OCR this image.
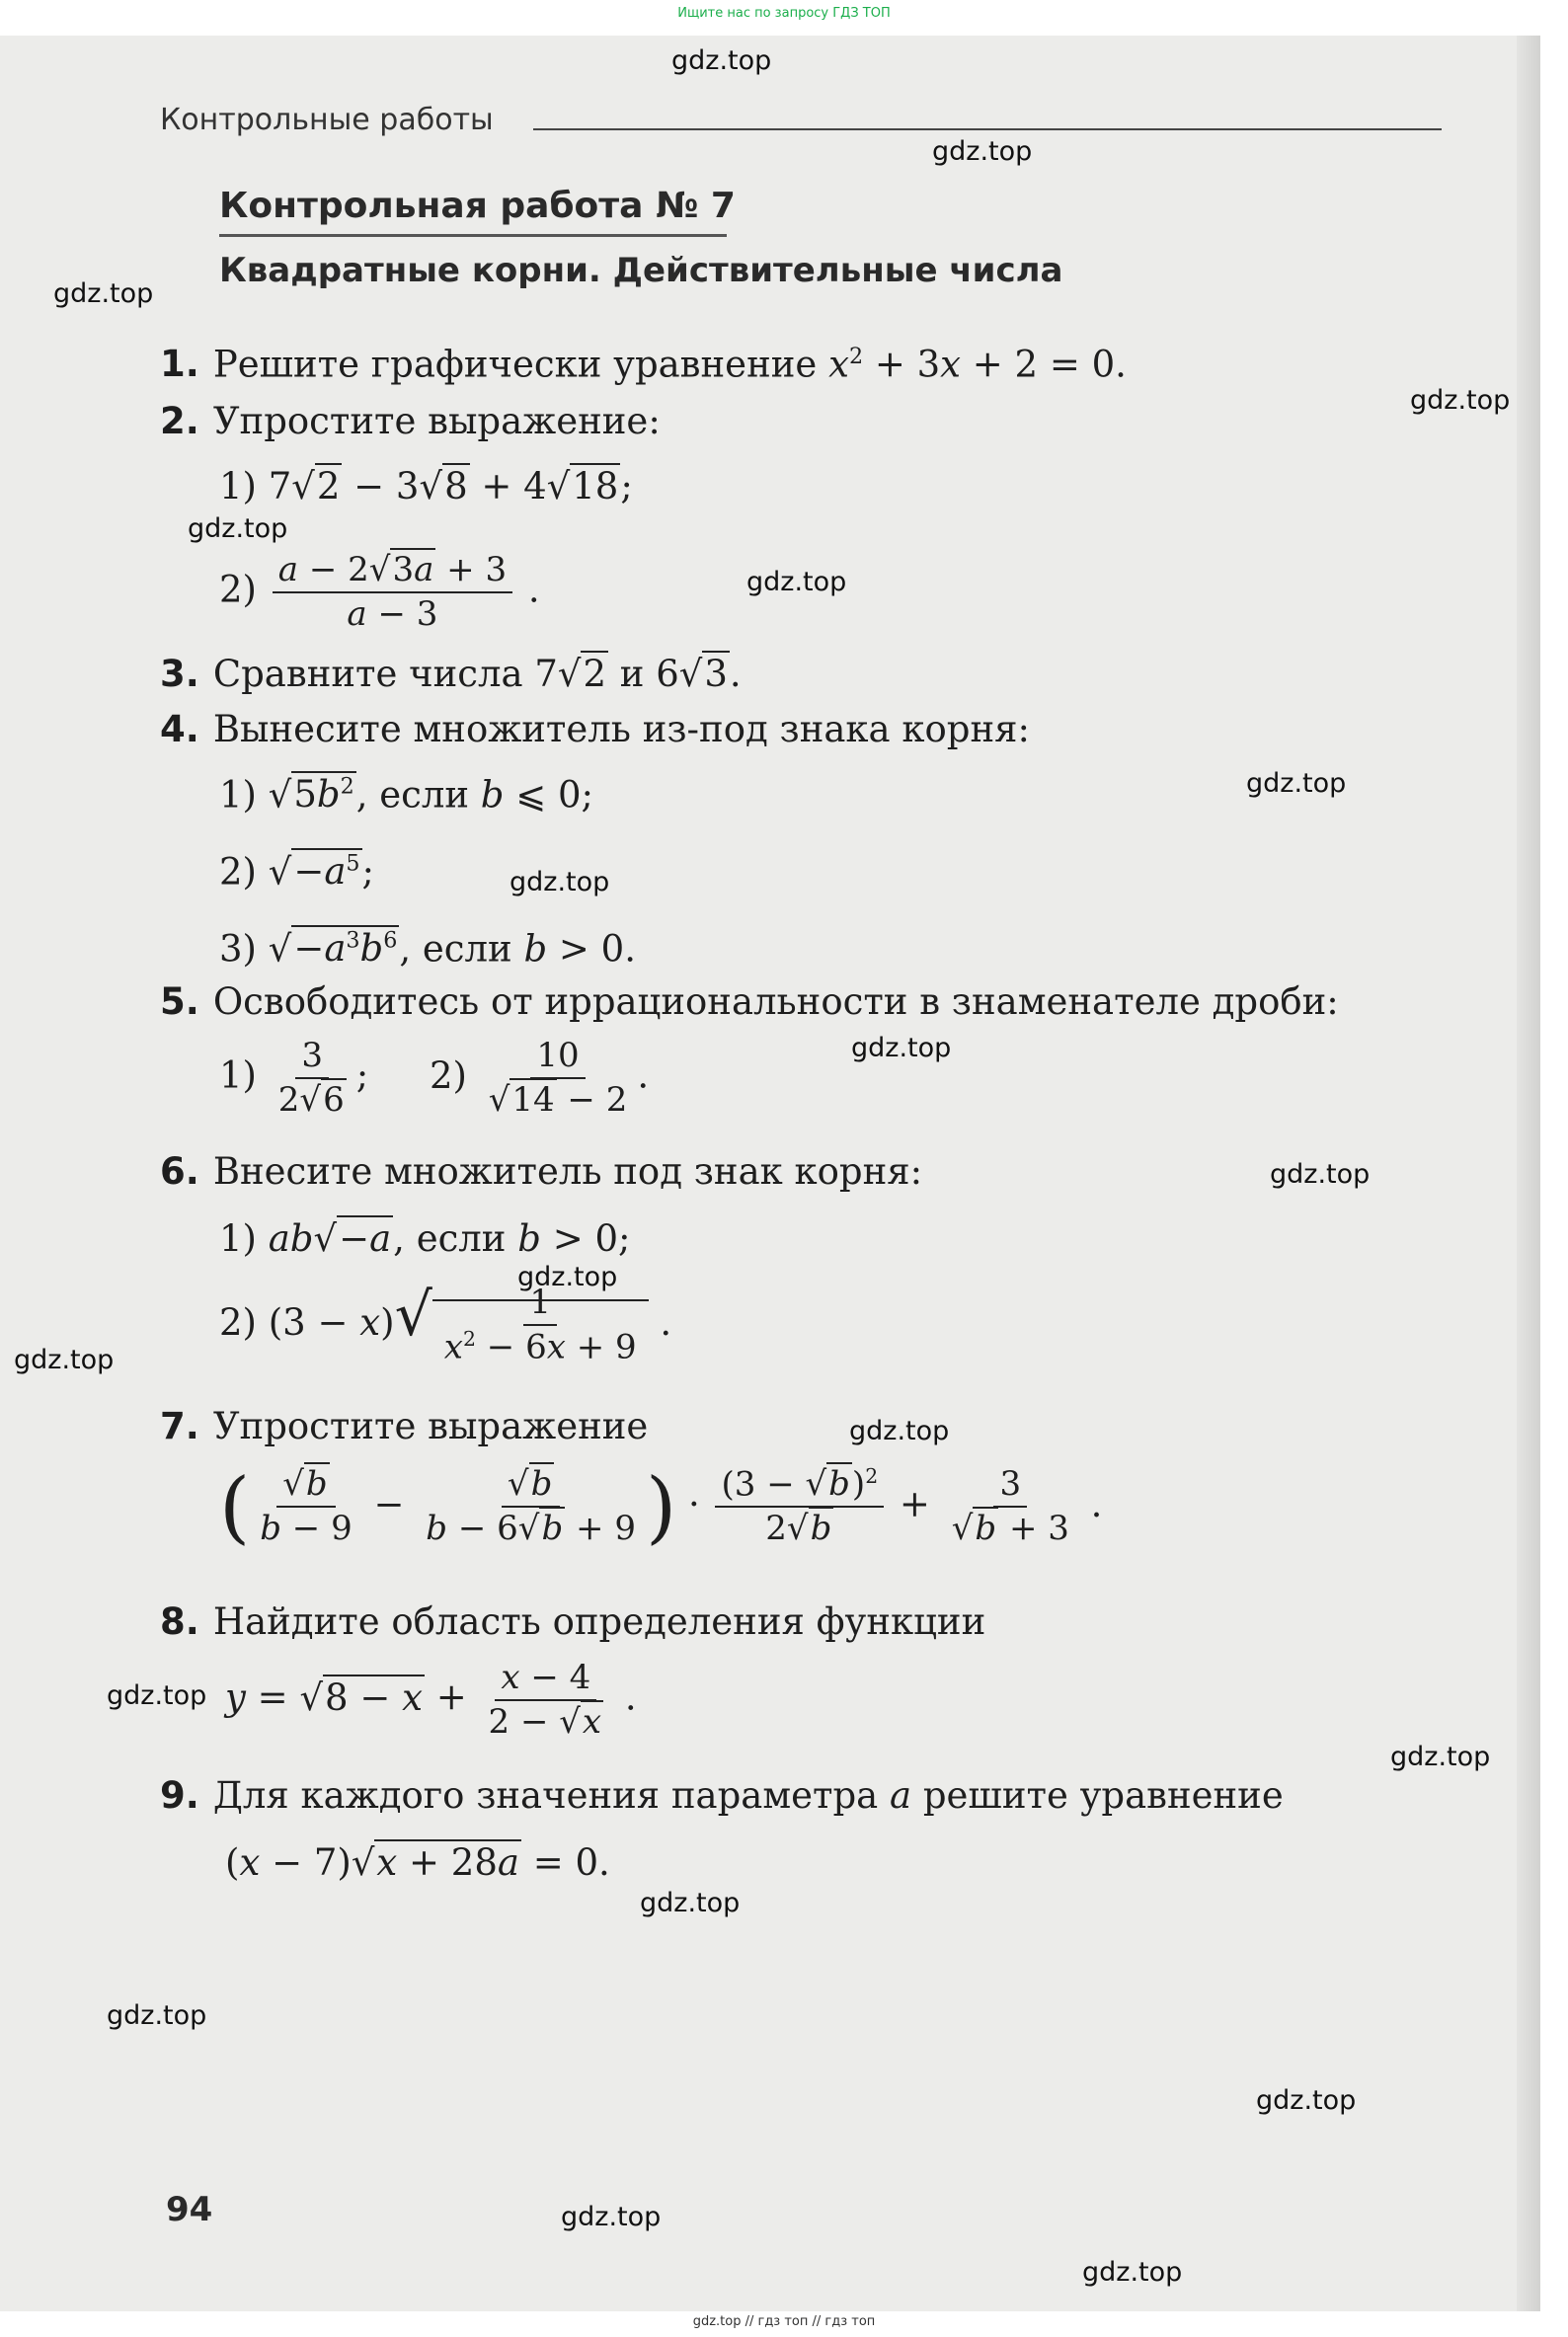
Ищите нас по запросу ГДЗ ТОП
Контрольные работы
Контрольная работа № 7
Квадратные корни. Действительные числа
1. Решите графически уравнение $x^2 + 3x + 2 = 0$.
2. Упростите выражение:
1) 7√2 − 3√8 + 4√18;
$2) \frac{a - 2√3a + 3}{a - 3}$ .
3. Сравните числа 7√2 и 6√3.
4. Вынесите множитель из-под знака корня:
1) $√5b^2$, если b ⩽ 0;
2) $√-a^5$;
3) $√-a^3b^6$, если b > 0.
5. Освободитесь от иррациональности в знаменателе дроби:
$1) \frac{3}{2√6}$ ; $2) \frac{10}{√14 - 2}$ .
6. Внесите множитель под знак корня:
1) ab√−a, если b > 0;
2) $(3 - x)√ \frac{1}{x^2 - 6x + 9}$ .
7. Упростите выражение
( $\frac{√b}{b - 9} - \frac{√b}{b - 6√b + 9}$ ) · $\frac{(3 - √b)^2}{2√b} + \frac{3}{√b + 3}$ .
8. Найдите область определения функции
$y = √8 - x + \frac{x - 4}{2 - √x}$ .
9. Для каждого значения параметра a решите уравнение
(x − 7)√x + 28a = 0.
94
gdz.top
gdz.top
gdz.top
gdz.top
gdz.top
gdz.top
gdz.top
gdz.top
gdz.top
gdz.top
gdz.top
gdz.top
gdz.top
gdz.top
gdz.top
gdz.top
gdz.top
gdz.top
gdz.top
gdz.top
gdz.top // гдз топ // гдз топ
